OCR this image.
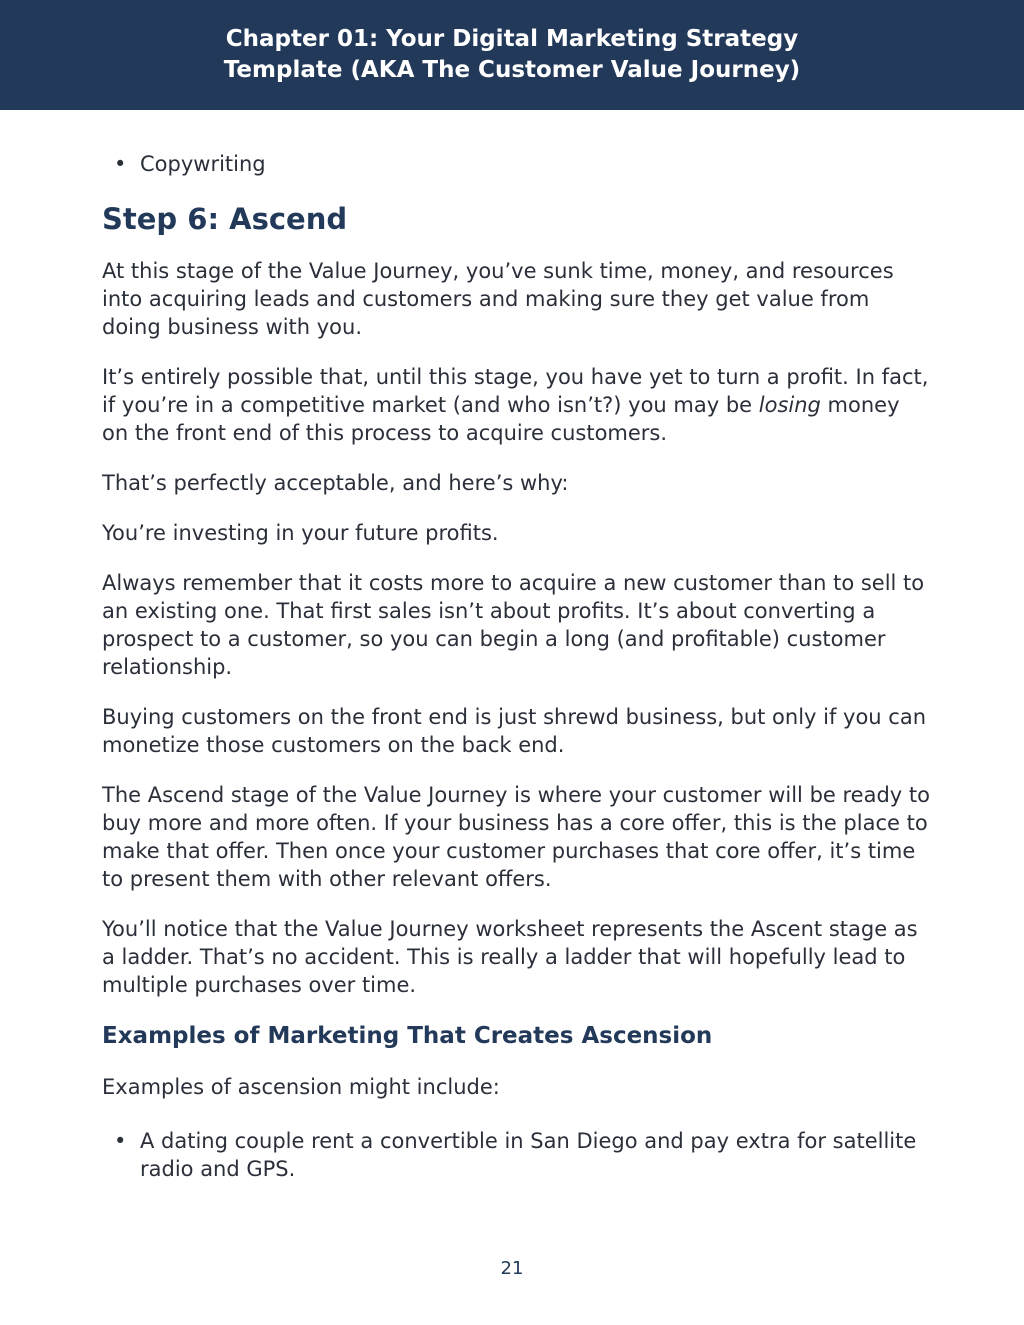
Chapter 01: Your Digital Marketing Strategy
Template (AKA The Customer Value Journey)
• Copywriting
Step 6: Ascend

At this stage of the Value Journey, you’ve sunk time, money, and resources into acquiring leads and customers and making sure they get value from doing business with you.

It’s entirely possible that, until this stage, you have yet to turn a profit. In fact, if you’re in a competitive market (and who isn’t?) you may be losing money on the front end of this process to acquire customers.

That’s perfectly acceptable, and here’s why:

You’re investing in your future profits.

Always remember that it costs more to acquire a new customer than to sell to an existing one. That first sales isn’t about profits. It’s about converting a prospect to a customer, so you can begin a long (and profitable) customer relationship.

Buying customers on the front end is just shrewd business, but only if you can monetize those customers on the back end.

The Ascend stage of the Value Journey is where your customer will be ready to buy more and more often. If your business has a core offer, this is the place to make that offer. Then once your customer purchases that core offer, it’s time to present them with other relevant offers.

You’ll notice that the Value Journey worksheet represents the Ascent stage as a ladder. That’s no accident. This is really a ladder that will hopefully lead to multiple purchases over time.

Examples of Marketing That Creates Ascension

Examples of ascension might include:

• A dating couple rent a convertible in San Diego and pay extra for satellite radio and GPS.
21
